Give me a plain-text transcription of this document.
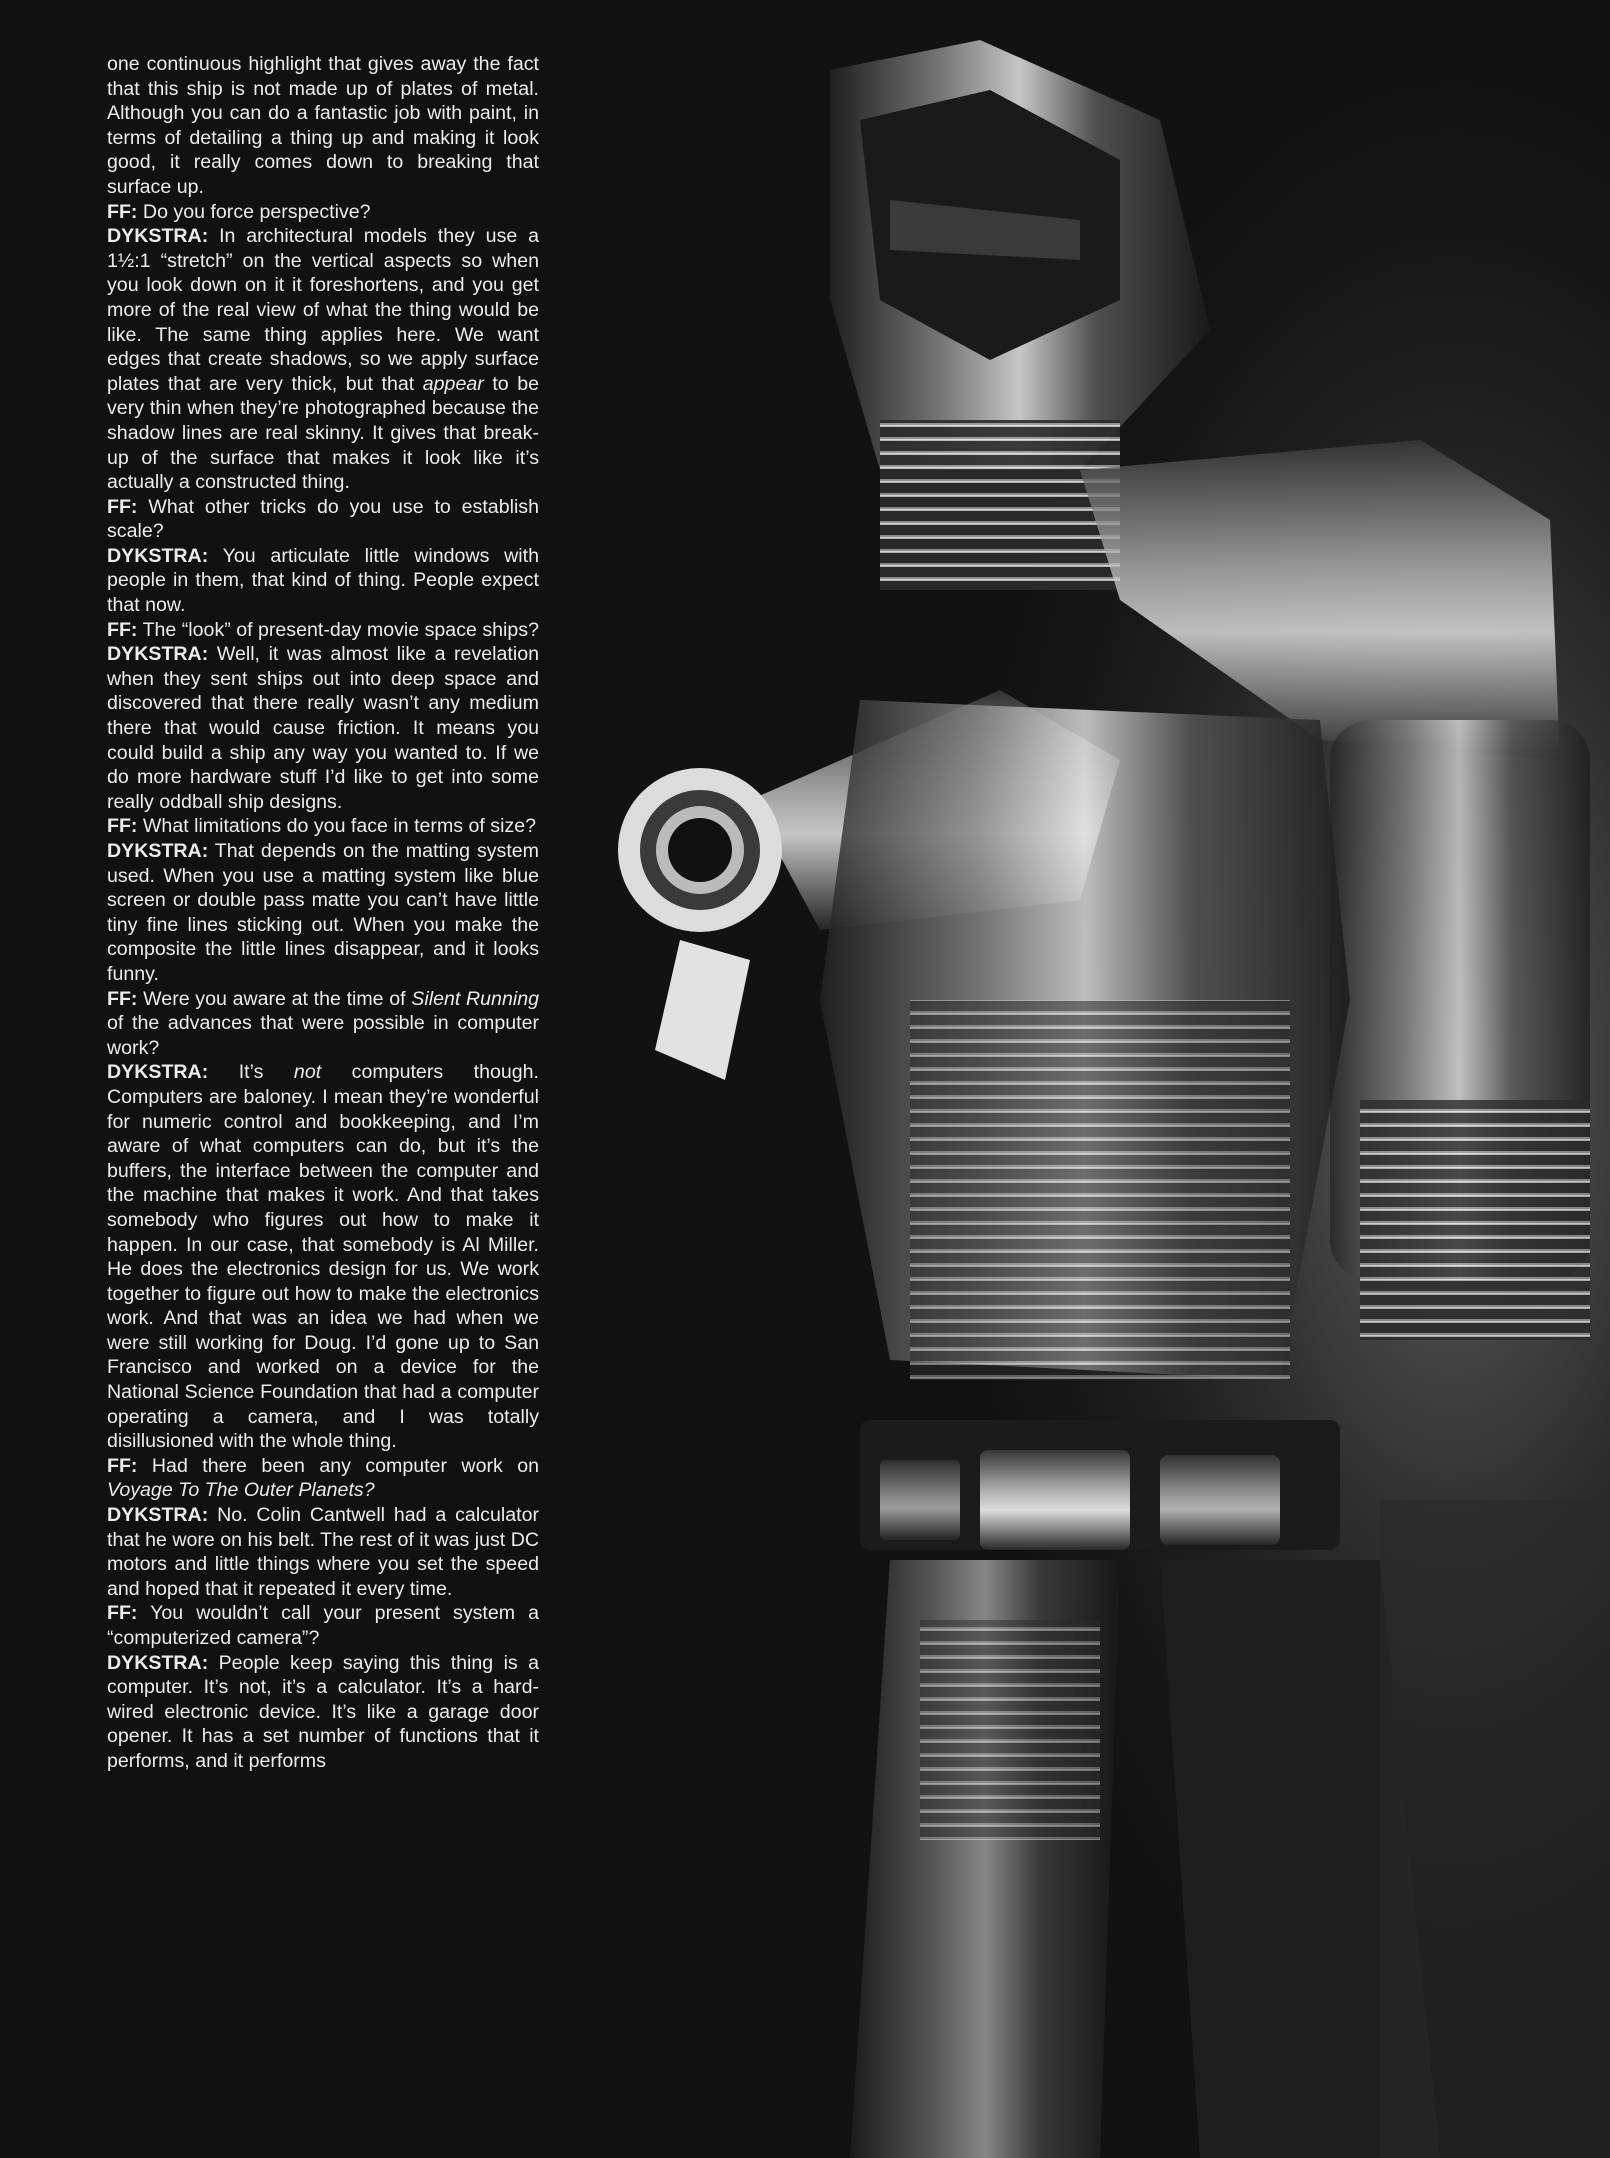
one continuous highlight that gives away the fact that this ship is not made up of plates of metal. Although you can do a fantastic job with paint, in terms of detailing a thing up and making it look good, it really comes down to breaking that surface up.

FF: Do you force perspective?

DYKSTRA: In architectural models they use a 1½:1 “stretch” on the vertical aspects so when you look down on it it foreshortens, and you get more of the real view of what the thing would be like. The same thing applies here. We want edges that create shadows, so we apply surface plates that are very thick, but that appear to be very thin when they’re photographed because the shadow lines are real skinny. It gives that break-up of the surface that makes it look like it’s actually a constructed thing.

FF: What other tricks do you use to establish scale?

DYKSTRA: You articulate little windows with people in them, that kind of thing. People expect that now.

FF: The “look” of present-day movie space ships?

DYKSTRA: Well, it was almost like a revelation when they sent ships out into deep space and discovered that there really wasn’t any medium there that would cause friction. It means you could build a ship any way you wanted to. If we do more hardware stuff I’d like to get into some really oddball ship designs.

FF: What limitations do you face in terms of size?

DYKSTRA: That depends on the matting system used. When you use a matting system like blue screen or double pass matte you can’t have little tiny fine lines sticking out. When you make the composite the little lines disappear, and it looks funny.

FF: Were you aware at the time of Silent Running of the advances that were possible in computer work?

DYKSTRA: It’s not computers though. Computers are baloney. I mean they’re wonderful for numeric control and bookkeeping, and I’m aware of what computers can do, but it’s the buffers, the interface between the computer and the machine that makes it work. And that takes somebody who figures out how to make it happen. In our case, that somebody is Al Miller. He does the electronics design for us. We work together to figure out how to make the electronics work. And that was an idea we had when we were still working for Doug. I’d gone up to San Francisco and worked on a device for the National Science Foundation that had a computer operating a camera, and I was totally disillusioned with the whole thing.

FF: Had there been any computer work on Voyage To The Outer Planets?

DYKSTRA: No. Colin Cantwell had a calculator that he wore on his belt. The rest of it was just DC motors and little things where you set the speed and hoped that it repeated it every time.

FF: You wouldn’t call your present system a “computerized camera”?

DYKSTRA: People keep saying this thing is a computer. It’s not, it’s a calculator. It’s a hard-wired electronic device. It’s like a garage door opener. It has a set number of functions that it performs, and it performs
